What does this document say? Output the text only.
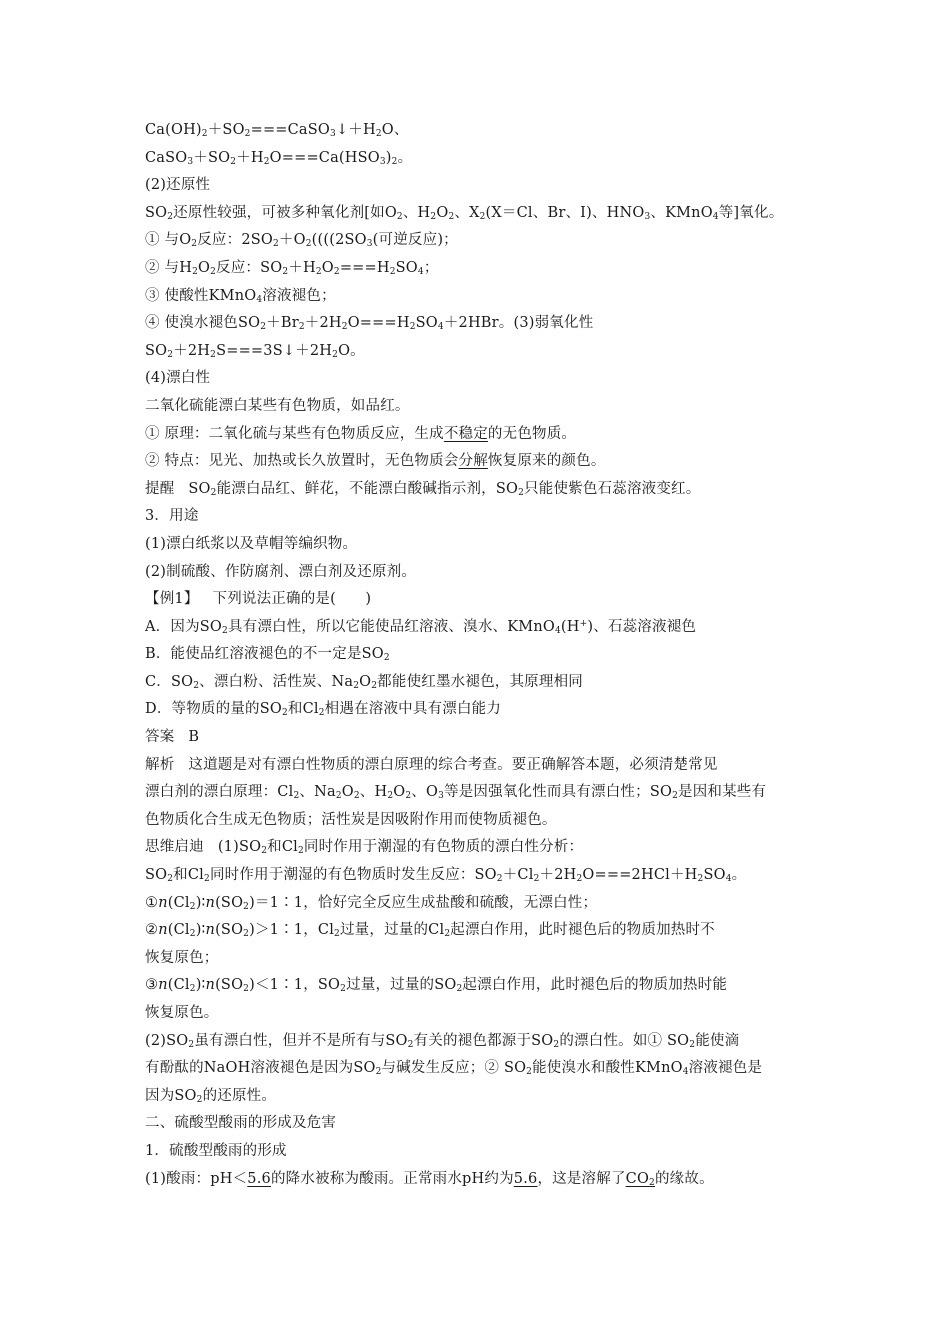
$Ca(OH)_2+SO_2===CaSO_3↓+H_2O$、
$CaSO_3+SO_2+H_2O===Ca(HSO_3)_2$。
(2)还原性
$SO_2$还原性较强，可被多种氧化剂[如$O_2$、$H_2O_2$、$X_2(X=Cl$、Br、I)、$HNO_3$、KMnO$_4$等]氧化。
① 与$O_2$反应：$2SO_2+O_2((((2SO_3$(可逆反应)；
② 与$H_2O_2$反应：$SO_2+H_2O_2===H_2SO_4$；
③ 使酸性KMnO$_4$溶液褪色；
④ 使溴水褪色$SO_2+Br_2+2H_2O===H_2SO_4+2HBr$。(3)弱氧化性
$SO_2+2H_2S===3S↓+2H_2O$。
(4)漂白性
二氧化硫能漂白某些有色物质，如品红。
① 原理：二氧化硫与某些有色物质反应，生成不稳定的无色物质。
② 特点：见光、加热或长久放置时，无色物质会分解恢复原来的颜色。
提醒 $SO_2$能漂白品红、鲜花，不能漂白酸碱指示剂，$SO_2$只能使紫色石蕊溶液变红。
3．用途
(1)漂白纸浆以及草帽等编织物。
(2)制硫酸、作防腐剂、漂白剂及还原剂。
【例1】 下列说法正确的是(　　)
A．因为$SO_2$具有漂白性，所以它能使品红溶液、溴水、KMnO$_4$(H+)、石蕊溶液褪色
B．能使品红溶液褪色的不一定是$SO_2$
C．$SO_2$、漂白粉、活性炭、$Na_2O_2$都能使红墨水褪色，其原理相同
D．等物质的量的$SO_2$和$Cl_2$相遇在溶液中具有漂白能力
答案 B
解析 这道题是对有漂白性物质的漂白原理的综合考查。要正确解答本题，必须清楚常见
漂白剂的漂白原理：$Cl_2$、$Na_2O_2$、$H_2O_2$、$O_3$等是因强氧化性而具有漂白性；$SO_2$是因和某些有
色物质化合生成无色物质；活性炭是因吸附作用而使物质褪色。
思维启迪 $(1)SO_2$和$Cl_2$同时作用于潮湿的有色物质的漂白性分析：
$SO_2$和$Cl_2$同时作用于潮湿的有色物质时发生反应：$SO_2+Cl_2+2H_2O===2HCl+H_2SO_4$。
$①n(Cl_2)∶n(SO_2)=1∶1$，恰好完全反应生成盐酸和硫酸，无漂白性；
$②n(Cl_2)∶n(SO_2)>1∶1$，$Cl_2$过量，过量的$Cl_2$起漂白作用，此时褪色后的物质加热时不
恢复原色；
$③n(Cl_2)∶n(SO_2)<1∶1$，$SO_2$过量，过量的$SO_2$起漂白作用，此时褪色后的物质加热时能
恢复原色。
$(2)SO_2$虽有漂白性，但并不是所有与$SO_2$有关的褪色都源于$SO_2$的漂白性。如① $SO_2$能使滴
有酚酞的NaOH溶液褪色是因为$SO_2$与碱发生反应；② $SO_2$能使溴水和酸性KMnO$_4$溶液褪色是
因为$SO_2$的还原性。
二、硫酸型酸雨的形成及危害
1．硫酸型酸雨的形成
(1)酸雨：pH＜5.6的降水被称为酸雨。正常雨水pH约为5.6，这是溶解了$CO_2$的缘故。
